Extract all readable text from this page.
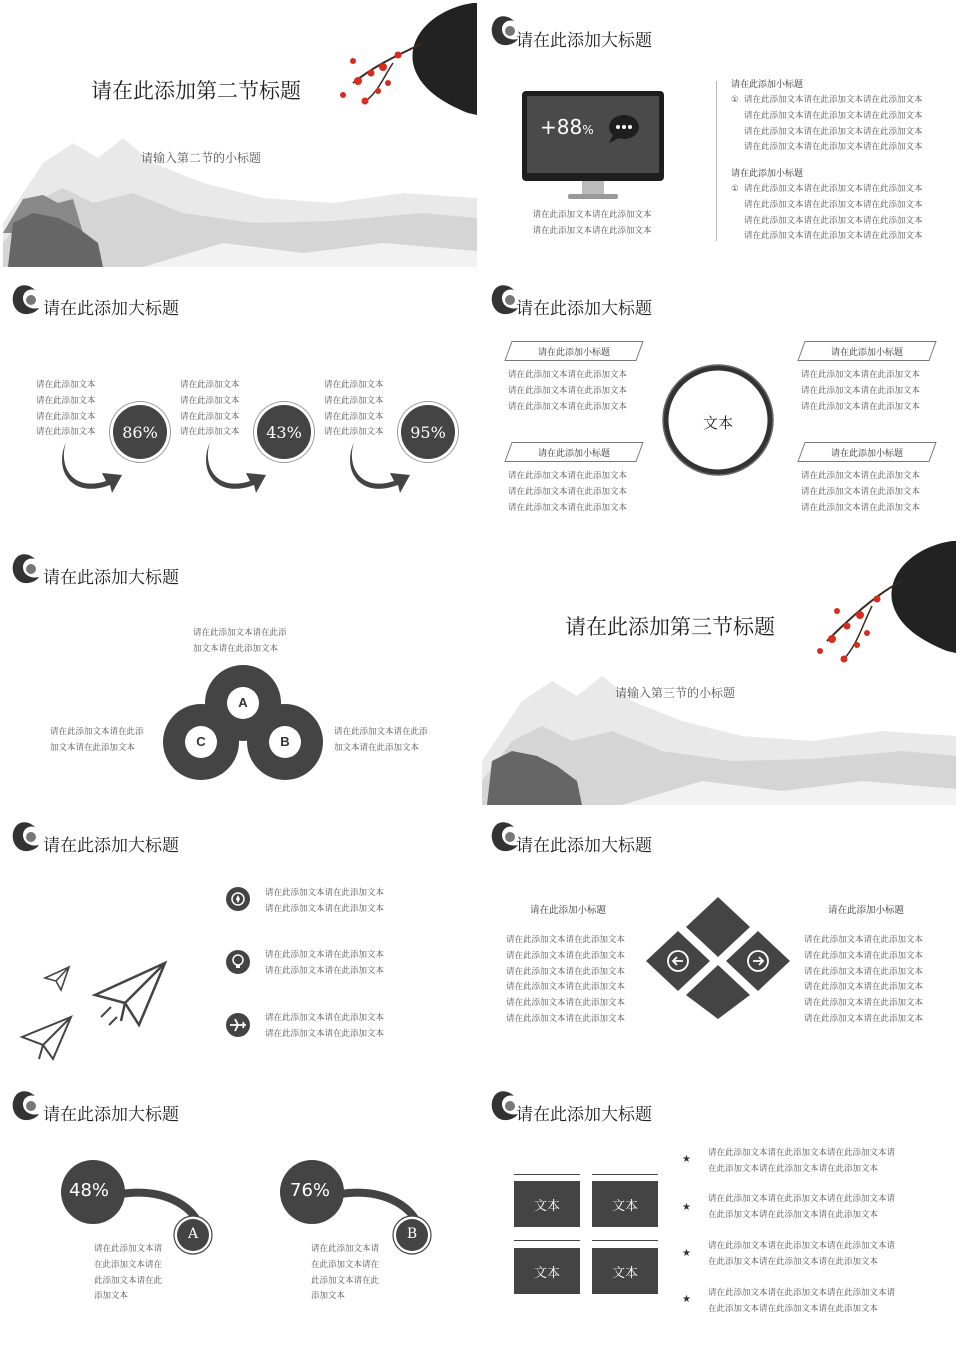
请在此添加第二节标题
请输入第二节的小标题
请在此添加大标题
+88%
请在此添加文本请在此添加文本
请在此添加文本请在此添加文本
请在此添加小标题
① 请在此添加文本请在此添加文本请在此添加文本
请在此添加文本请在此添加文本请在此添加文本
请在此添加文本请在此添加文本请在此添加文本
请在此添加文本请在此添加文本请在此添加文本
请在此添加小标题
① 请在此添加文本请在此添加文本请在此添加文本
请在此添加文本请在此添加文本请在此添加文本
请在此添加文本请在此添加文本请在此添加文本
请在此添加文本请在此添加文本请在此添加文本
请在此添加大标题
请在此添加文本
请在此添加文本
请在此添加文本
请在此添加文本	86%
请在此添加文本
请在此添加文本
请在此添加文本
请在此添加文本	43%
请在此添加文本
请在此添加文本
请在此添加文本
请在此添加文本	95%
请在此添加大标题
请在此添加小标题
请在此添加文本请在此添加文本
请在此添加文本请在此添加文本
请在此添加文本请在此添加文本
请在此添加小标题
请在此添加文本请在此添加文本
请在此添加文本请在此添加文本
请在此添加文本请在此添加文本
请在此添加小标题
请在此添加文本请在此添加文本
请在此添加文本请在此添加文本
请在此添加文本请在此添加文本
请在此添加小标题
请在此添加文本请在此添加文本
请在此添加文本请在此添加文本
请在此添加文本请在此添加文本
文本
请在此添加大标题
请在此添加文本请在此添
加文本请在此添加文本
请在此添加文本请在此添
加文本请在此添加文本
请在此添加文本请在此添
加文本请在此添加文本
A
B
C
请在此添加第三节标题
请输入第三节的小标题
请在此添加大标题
请在此添加文本请在此添加文本
请在此添加文本请在此添加文本
请在此添加文本请在此添加文本
请在此添加文本请在此添加文本
请在此添加文本请在此添加文本
请在此添加文本请在此添加文本
请在此添加大标题
请在此添加小标题
请在此添加文本请在此添加文本
请在此添加文本请在此添加文本
请在此添加文本请在此添加文本
请在此添加文本请在此添加文本
请在此添加文本请在此添加文本
请在此添加文本请在此添加文本
请在此添加小标题
请在此添加文本请在此添加文本
请在此添加文本请在此添加文本
请在此添加文本请在此添加文本
请在此添加文本请在此添加文本
请在此添加文本请在此添加文本
请在此添加文本请在此添加文本
请在此添加大标题
48%
A
请在此添加文本请
在此添加文本请在
此添加文本请在此
添加文本
76%
B
请在此添加文本请
在此添加文本请在
此添加文本请在此
添加文本
请在此添加大标题
文本	文本
文本	文本
★
请在此添加文本请在此添加文本请在此添加文本请
在此添加文本请在此添加文本请在此添加文本
★
请在此添加文本请在此添加文本请在此添加文本请
在此添加文本请在此添加文本请在此添加文本
★
请在此添加文本请在此添加文本请在此添加文本请
在此添加文本请在此添加文本请在此添加文本
★
请在此添加文本请在此添加文本请在此添加文本请
在此添加文本请在此添加文本请在此添加文本
